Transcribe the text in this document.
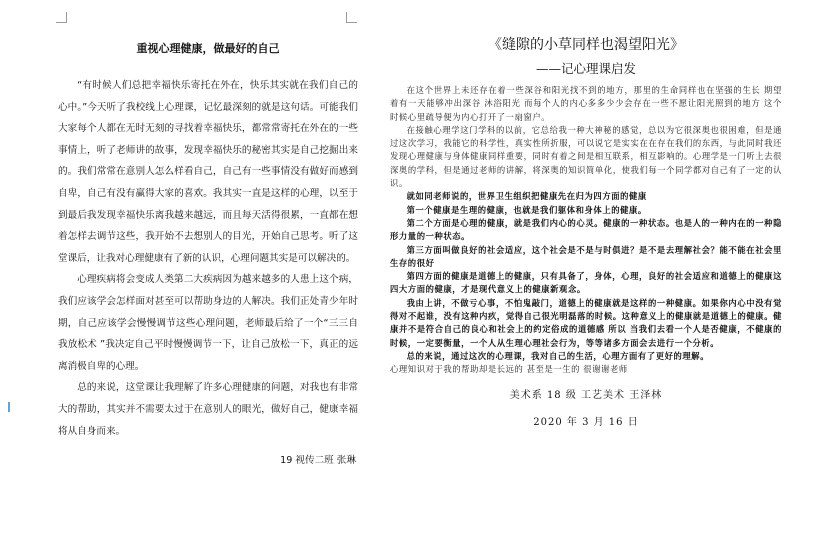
重视心理健康，做最好的自己

“有时候人们总把幸福快乐寄托在外在，快乐其实就在我们自己的心中。”今天听了我校线上心理课，记忆最深刻的就是这句话。可能我们大家每个人都在无时无刻的寻找着幸福快乐，都常常寄托在外在的一些事情上，听了老师讲的故事，发现幸福快乐的秘密其实是自己挖掘出来的。我们常常在意别人怎么样看自己，自己有一些事情没有做好而感到自卑，自己有没有赢得大家的喜欢。我其实一直是这样的心理，以至于到最后我发现幸福快乐离我越来越远，而且每天活得很累，一直都在想着怎样去调节这些，我开始不去想别人的目光，开始自己思考。听了这堂课后，让我对心理健康有了新的认识，心理问题其实是可以解决的。

心理疾病将会变成人类第二大疾病因为越来越多的人患上这个病，我们应该学会怎样面对甚至可以帮助身边的人解决。我们正处青少年时期，自己应该学会慢慢调节这些心理问题，老师最后给了一个“三三自我放松术 ”我决定自己平时慢慢调节一下，让自己放松一下，真正的远离消极自卑的心理。

总的来说，这堂课让我理解了许多心理健康的问题，对我也有非常大的帮助，其实并不需要太过于在意别人的眼光，做好自己，健康幸福将从自身而来。

19 视传二班 张琳
《缝隙的小草同样也渴望阳光》
——记心理课启发

在这个世界上未还存在着一些深谷和阳光找不到的地方，那里的生命同样也在坚强的生长 期望着有一天能够冲出深谷 沐浴阳光 而每个人的内心多多少少会存在一些不愿让阳光照到的地方 这个时候心里疏导便为内心打开了一扇窗户。

在接触心理学这门学科的以前，它总给我一种大神秘的感觉，总以为它很深奥也很困难，但是通过这次学习，我能它的科学性，真实性所折服，可以说它是实实在在存在我们的东西，与此同时我还发现心理健康与身体健康同样重要，同时有着之间是相互联系，相互影响的。心理学是一门听上去很深奥的学科，但是通过老师的讲解，将深奥的知识简单化，使我们每一个同学都对自己有了一定的认识。

就如同老师说的，世界卫生组织把健康先在归为四方面的健康

第一个健康是生理的健康，也就是我们躯体和身体上的健康。

第二个方面是心理的健康，就是我们内心的心灵。健康的一种状态。也是人的一种内在的一种隐形力量的一种状态。

第三方面叫做良好的社会适应，这个社会是不是与时俱进？是不是去理解社会？能不能在社会里生存的很好

第四方面的健康是道德上的健康，只有具备了，身体，心理，良好的社会适应和道德上的健康这四大方面的健康，才是现代意义上的健康新观念。

我由上讲，不做亏心事，不怕鬼敲门，道德上的健康就是这样的一种健康。如果你内心中没有觉得对不起谁，没有这种内疚，觉得自己很光明磊落的时候。这种意义上的健康就是道德上的健康。健康并不是符合自己的良心和社会上的约定俗成的道德感 所以 当我们去看一个人是否健康，不健康的时候，一定要衡量，一个人从生理心理社会行为，等等诸多方面会去进行一个分析。

总的来说，通过这次的心理课，我对自己的生活，心理方面有了更好的理解。

心理知识对于我的帮助却是长远的 甚至是一生的 很谢谢老师

美术系 18 级 工艺美术 王泽林
2020 年 3 月 16 日
